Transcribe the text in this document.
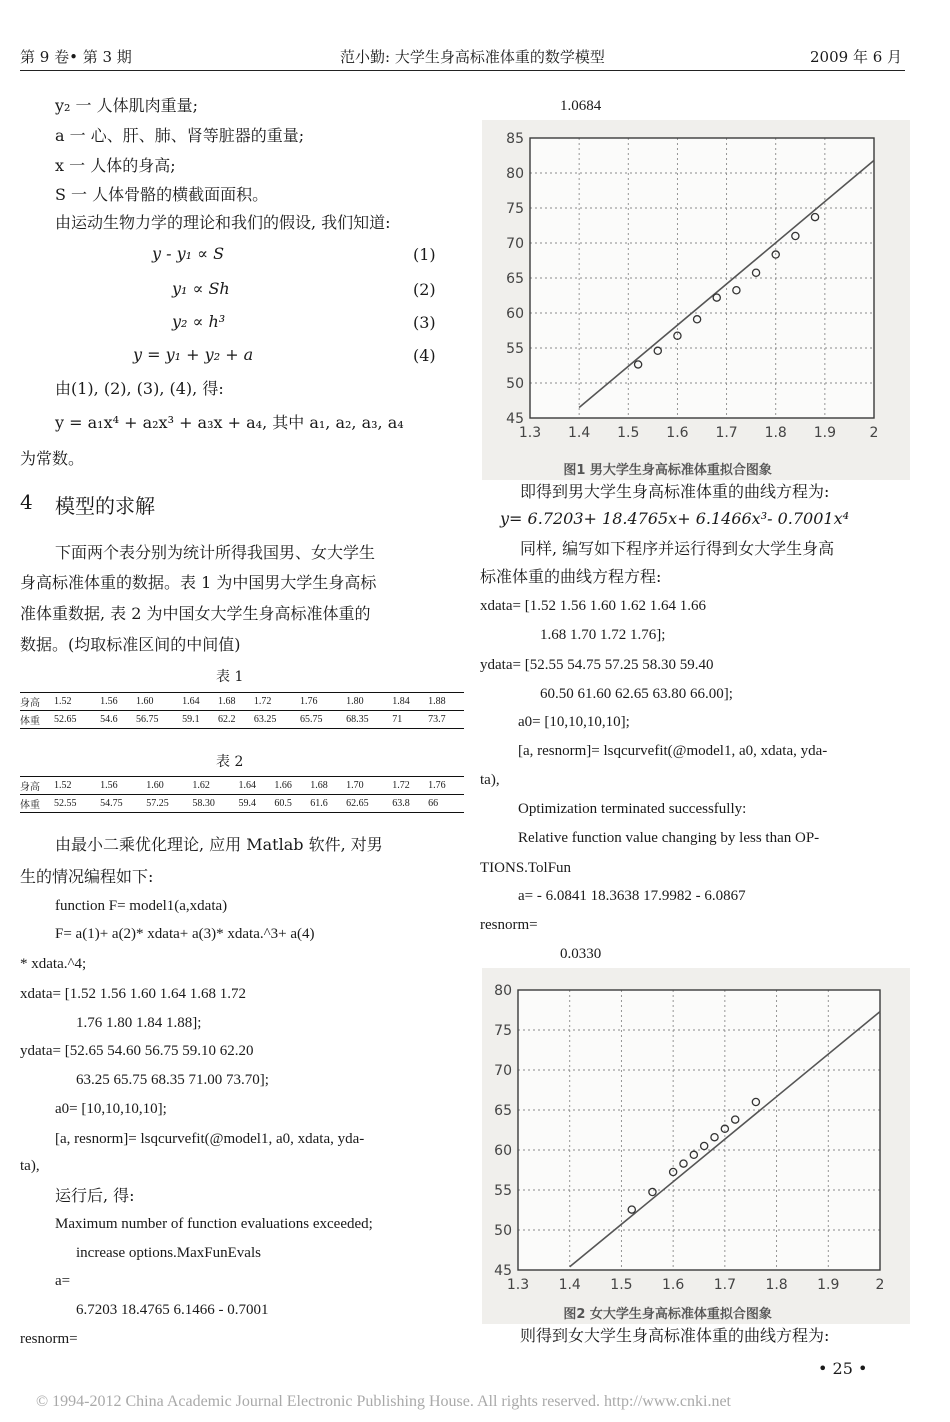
第 9 卷• 第 3 期	范小勤: 大学生身高标准体重的数学模型	2009 年 6 月
y₂ 一 人体肌肉重量;
a 一 心、肝、肺、肾等脏器的重量;
x 一 人体的身高;
S 一 人体骨骼的横截面面积。
由运动生物力学的理论和我们的假设, 我们知道:
y - y₁ ∝ S	(1)
y₁ ∝ Sh	(2)
y₂ ∝ h³	(3)
y = y₁ + y₂ + a	(4)
由(1), (2), (3), (4), 得:
y = a₁x⁴ + a₂x³ + a₃x + a₄, 其中 a₁, a₂, a₃, a₄
为常数。
4 模型的求解
下面两个表分别为统计所得我国男、女大学生
身高标准体重的数据。表 1 为中国男大学生身高标
准体重数据, 表 2 为中国女大学生身高标准体重的
数据。(均取标准区间的中间值)
表 1
身高	1.52	1.56	1.60	1.64	1.68	1.72	1.76	1.80	1.84	1.88
体重	52.65	54.6	56.75	59.1	62.2	63.25	65.75	68.35	71	73.7
表 2
身高	1.52	1.56	1.60	1.62	1.64	1.66	1.68	1.70	1.72	1.76
体重	52.55	54.75	57.25	58.30	59.4	60.5	61.6	62.65	63.8	66
由最小二乘优化理论, 应用 Matlab 软件, 对男
生的情况编程如下:
function F= model1(a,xdata)
F= a(1)+ a(2)* xdata+ a(3)* xdata.^3+ a(4)
* xdata.^4;
xdata= [1.52 1.56 1.60 1.64 1.68 1.72
1.76 1.80 1.84 1.88];
ydata= [52.65 54.60 56.75 59.10 62.20
63.25 65.75 68.35 71.00 73.70];
a0= [10,10,10,10];
[a, resnorm]= lsqcurvefit(@model1, a0, xdata, yda-
ta),
运行后, 得:
Maximum number of function evaluations exceeded;
increase options.MaxFunEvals
a=
6.7203 18.4765 6.1466 - 0.7001
resnorm=
1.0684
1.3 1.4 1.5 1.6 1.7 1.8 1.9 2
45
50
55
60
65
70
75
80
85
图1 男大学生身高标准体重拟合图象
即得到男大学生身高标准体重的曲线方程为:
y= 6.7203+ 18.4765x+ 6.1466x³- 0.7001x⁴
同样, 编写如下程序并运行得到女大学生身高
标准体重的曲线方程方程:
xdata= [1.52 1.56 1.60 1.62 1.64 1.66
1.68 1.70 1.72 1.76];
ydata= [52.55 54.75 57.25 58.30 59.40
60.50 61.60 62.65 63.80 66.00];
a0= [10,10,10,10];
[a, resnorm]= lsqcurvefit(@model1, a0, xdata, yda-
ta),
Optimization terminated successfully:
Relative function value changing by less than OP-
TIONS.TolFun
a= - 6.0841 18.3638 17.9982 - 6.0867
resnorm=
0.0330
1.3 1.4 1.5 1.6 1.7 1.8 1.9	2
45
50
55
60
65
70
75
80
图2 女大学生身高标准体重拟合图象
则得到女大学生身高标准体重的曲线方程为:
• 25 •
© 1994-2012 China Academic Journal Electronic Publishing House. All rights reserved. http://www.cnki.net
